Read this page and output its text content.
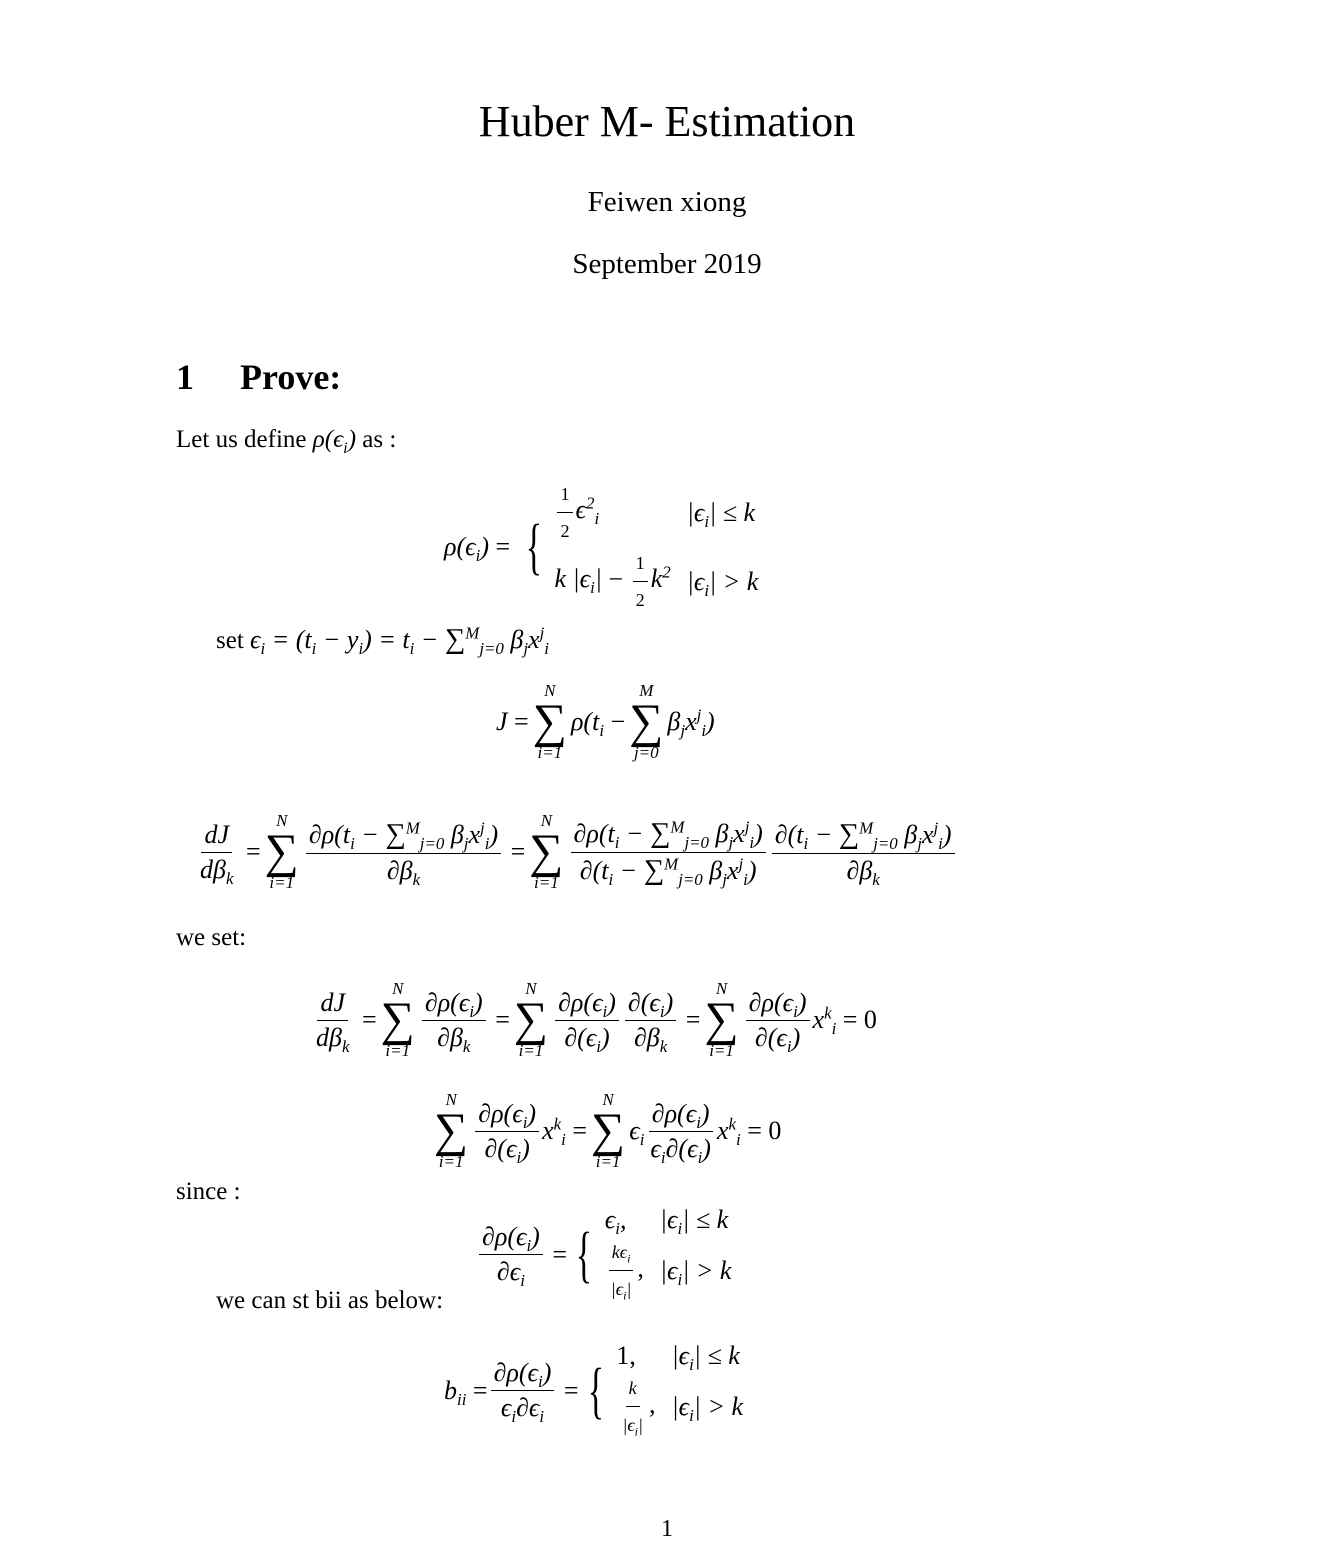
Huber M- Estimation
Feiwen xiong
September 2019
1 Prove:
Let us define $\rho(\epsilon_i)$ as :
$\rho(\epsilon_i)$ = { $\frac{1}{2} \epsilon^2_i$	$|\epsilon_i| \le k$
k $|\epsilon_i| - \frac{1}{2} k^2$	$|\epsilon_i| > k$
set $\epsilon_i = (t_i - y_i) = t_i - \sum^M_{j=0}$ $\beta_jx^j_i$
J =
N
∑
i=1
$\rho(t_i$ −
M
∑
j=0
$\beta_jx^j_i$)
$\frac{dJ}{d\beta_k}$ =
N
∑
$i=1 \frac{\partial\rho(t_i - \sum^M_{j=0} \beta_jx^j_i)}{\partial\beta_k}$ =
N
∑
$i=1 \frac{\partial\rho(t_i - \sum^M_{j=0} \beta_jx^j_i)}{\partial(t_i - \sum^M_{j=0} \beta_jx^j_i)} \frac{\partial(t_i - \sum^M_{j=0} \beta_jx^j_i)}{\partial\beta_k}$
we set:
$\frac{dJ}{d\beta_k}$ =
N
∑
$i=1 \frac{\partial\rho(\epsilon_i)}{\partial\beta_k}$ =
N
∑
$i=1 \frac{\partial\rho(\epsilon_i)}{\partial(\epsilon_i)} \frac{\partial(\epsilon_i)}{\partial\beta_k}$ =
N
∑
$i=1 \frac{\partial\rho(\epsilon_i)}{\partial(\epsilon_i)} x^k_i = 0$
N
∑
$i=1 \frac{\partial\rho(\epsilon_i)}{\partial(\epsilon_i)} x^k_i$ =
N
∑
i=1
$\epsilon_i \frac{\partial\rho(\epsilon_i)}{\epsilon_i\partial(\epsilon_i)} x^k_i = 0$
since :
$\frac{\partial\rho(\epsilon_i)}{\partial\epsilon_i}$ = {
$\epsilon_i$,	$|\epsilon_i| \le k$

$\frac{k\epsilon_i}{|\epsilon_i|}$ ,	$|\epsilon_i| > k$
we can st bii as below:
$b_{ii} = \frac{\partial\rho(\epsilon_i)}{\epsilon_i\partial\epsilon_i}$ = {
1,	$|\epsilon_i| \le k$

$\frac{k}{|\epsilon_i|}$ ,	$|\epsilon_i| > k$
1
